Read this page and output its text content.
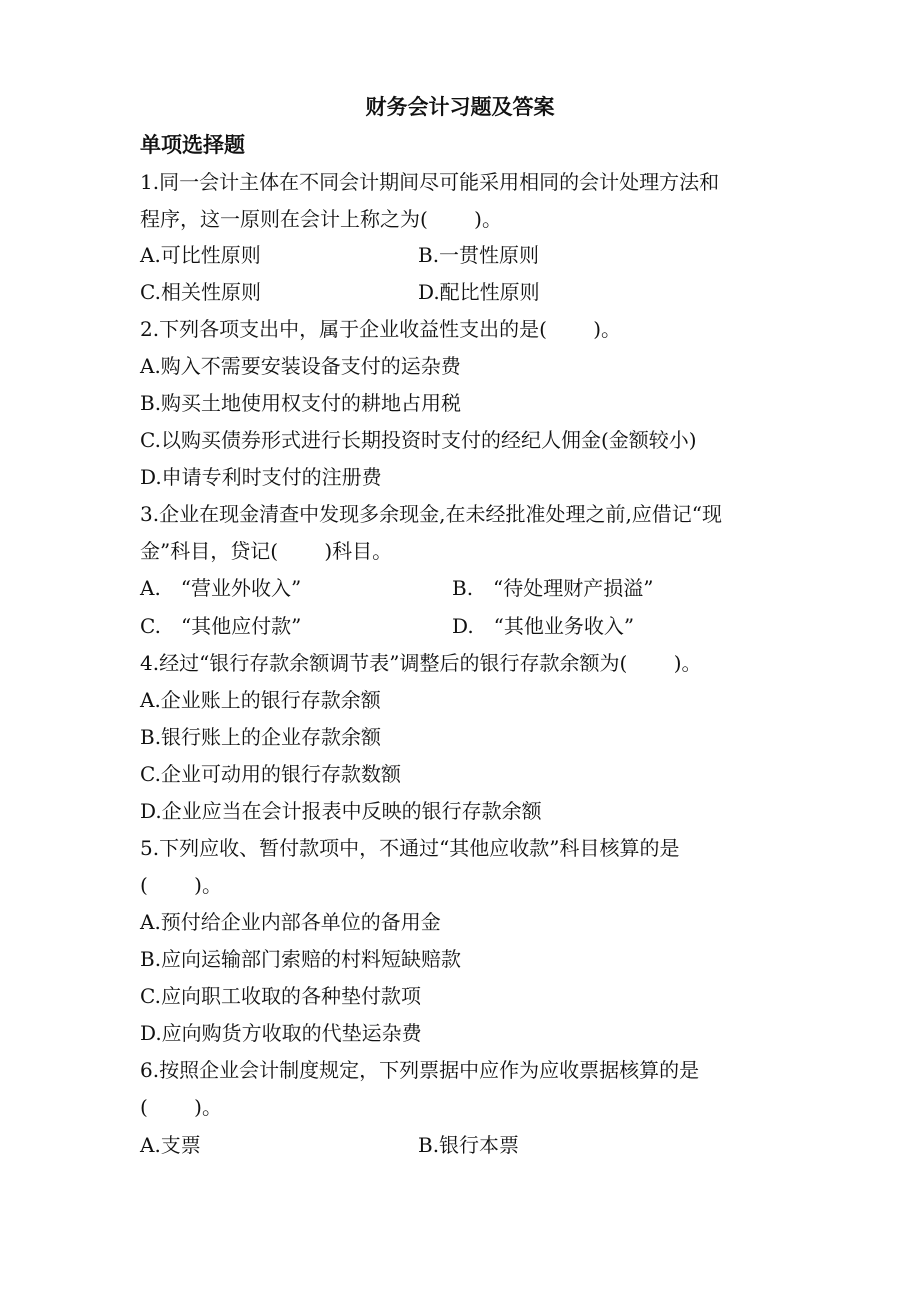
财务会计习题及答案
单项选择题
1.同一会计主体在不同会计期间尽可能采用相同的会计处理方法和
程序，这一原则在会计上称之为(　　 )。
A.可比性原则	B.一贯性原则
C.相关性原则	D.配比性原则
2.下列各项支出中，属于企业收益性支出的是(　　 )。
A.购入不需要安装设备支付的运杂费
B.购买土地使用权支付的耕地占用税
C.以购买债券形式进行长期投资时支付的经纪人佣金(金额较小)
D.申请专利时支付的注册费
3.企业在现金清查中发现多余现金,在未经批准处理之前,应借记“现
金”科目，贷记(　 　)科目。
A.　“营业外收入”	B.　“待处理财产损溢”
C.　“其他应付款”	D.　“其他业务收入”
4.经过“银行存款余额调节表”调整后的银行存款余额为(　　 )。
A.企业账上的银行存款余额
B.银行账上的企业存款余额
C.企业可动用的银行存款数额
D.企业应当在会计报表中反映的银行存款余额
5.下列应收、暂付款项中，不通过“其他应收款”科目核算的是
(　　 )。
A.预付给企业内部各单位的备用金
B.应向运输部门索赔的村料短缺赔款
C.应向职工收取的各种垫付款项
D.应向购货方收取的代垫运杂费
6.按照企业会计制度规定，下列票据中应作为应收票据核算的是
(　　 )。
A.支票	B.银行本票
